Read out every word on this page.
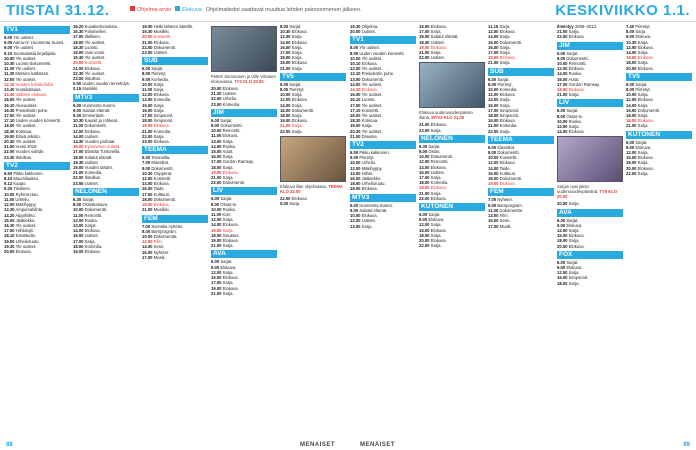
TIISTAI 31.12.	Ohjelma-arvio	Elokuva Ohjelmatiedot saattavat muuttua lehden painoonmenon jälkeen.	KESKIVIIKKO 1.1.
TV1
6.00 Yle uutiset.
6.05 Aamu-tv: Huomenta Suomi.
9.00 Yle uutiset.
9.10 Suomalaisia kirjailijoita.
10.00 Yle uutiset.
10.30 Luonto-dokumentti.
11.00 Yle uutiset.
11.30 Metsien kätkössä.
12.00 Yle uutiset.
12.10 Vuoden kohokohdat.
13.40 Vuosikatsaus.
14.40 Valitsen elokuva.
16.00 Yle uutiset.
16.10 Alueuutiset.
16.30 Presidentin puhe.
17.00 Yle uutiset.
17.10 Uuden vuoden konsertti.
18.00 Yle uutiset.
18.30 Kotimaa.
19.00 Elävä arkisto.
20.30 Yle uutiset.
21.00 Vuosi 2019.
22.00 Vuoden vaihde.
23.30 Ilotulitus.
TV2
6.50 Pikku kakkonen.
8.10 Muumilaakso.
9.12 Kaapo.
9.25 Tiitiäinen.
10.00 Ryhmä Hau.
11.00 Urheilu.
12.00 Mäkihyppy.
13.30 Ampumahiihto.
14.20 Alppihiihto.
15.00 Jääkiekko.
16.30 Yle uutiset.
17.00 Hiihtolajit.
18.10 Kisastudio.
19.00 Urheiluruutu.
19.30 Yle uutiset.
20.00 Elokuva.
16.20 Kuvakertomuksia.
16.30 Palomiehet.
17.00 Illallinen.
18.00 Yle uutiset.
18.30 Luonto.
19.00 Uusi vuosi.
19.30 Yle uutiset.
20.00 Konsertti.
21.00 Elokuva.
22.30 Yle uutiset.
23.00 Ilotulitus.
0.00 Uuden vuoden tervehdys.
0.15 Musiikki.
MTV3
6.00 Huomenta Suomi.
9.00 Salatut elämät.
9.30 Emmerdale.
10.30 Kauniit ja rohkeat.
11.00 Dokumentti.
12.00 Elokuva.
14.00 Uutiset.
14.30 Vuoden parhaat.
16.00 Kymmenen uutiset.
17.00 Elämää Tuntureilla.
18.00 Salatut elämät.
18.30 Uutiset.
19.00 Vuoden tähdet.
21.00 Komedia.
22.00 Ilotulitus.
23.55 Uutiset.
NELONEN
6.30 Sarjat.
8.00 Ostoskanava.
10.00 Dokumentti.
11.00 Remontti.
12.00 Ruoka.
13.00 Sarjat.
14.00 Elokuva.
16.00 Uutiset.
17.00 Sarja.
18.00 Komedia.
19.00 Elokuva.
19.00 Hetki lähteen äärellä.
19.30 Musiikki.
20.00 Konsertti.
21.00 Elokuva.
22.00 Dokumentti.
23.00 Uutiset.
SUB
6.00 Sarjat.
8.00 Piirretyt.
9.00 Komedia.
10.00 Sarja.
11.00 Sarja.
12.00 Elokuva.
14.00 Komedia.
15.00 Sarja.
16.00 Sarja.
17.00 Simpsonit.
18.00 Simpsonit.
19.00 Elokuva.
21.00 Komedia.
22.00 Sarja.
23.00 Elokuva.
TEEMA
6.00 Teemailta.
7.00 Klassikot.
9.00 Dokumentti.
10.30 Oopperat.
12.00 Konsertti.
14.00 Elokuva.
16.00 Taide.
17.00 Kulttuuri.
18.00 Dokumentti.
19.00 Elokuva.
21.00 Musiikki.
FEM
7.00 Svenska nyheter.
8.00 Barnprogram.
10.00 Dokumentär.
12.00 Film.
14.00 Serie.
16.00 Nyheter.
17.00 Musik.
Petteri Summanen ja Ville Virtanen elokuvassa. TV2 KLO 20.00
20.00 Elokuva.
21.30 Uutiset.
22.00 Urheilu.
23.00 Komedia.
JIM
6.00 Sarjat.
8.00 Dokumentti.
10.00 Remontti.
11.00 Elokuva.
13.00 Sarja.
14.00 Ruoka.
15.00 Autot.
16.00 Sarja.
17.00 Gordon Ramsay.
18.00 Sarja.
19.00 Elokuva.
21.00 Sarja.
22.00 Dokumentti.
LIV
6.00 Sarjat.
8.00 Ostos-tv.
10.00 Ruoka.
11.00 Koti.
12.00 Sarja.
14.00 Elokuva.
16.00 Sarja.
18.00 Sisustus.
19.00 Elokuva.
21.00 Sarja.
AVA
6.00 Sarjat.
9.00 Elokuva.
12.00 Sarja.
15.00 Elokuva.
17.00 Sarja.
19.00 Elokuva.
21.00 Sarja.
8.00 Sarjat.
10.30 Elokuva.
12.30 Sarja.
14.00 Elokuva.
16.00 Sarja.
17.00 Sarja.
18.00 Sarja.
19.00 Elokuva.
21.00 Sarja.
TV5
6.00 Sarjat.
8.00 Piirretyt.
10.00 Sarja.
12.00 Elokuva.
14.00 Sarja.
16.00 Dokumentti.
18.00 Sarja.
19.00 Elokuva.
21.00 Sarja.
22.00 Sarja.
Elokuva illan ohjelmassa. TEEMA KLO 22.00
22.00 Elokuva.
0.00 Sarja.
19.30 Ohjelma.
20.00 Uutiset.
TV1
8.00 Yle uutiset.
8.05 Uuden vuoden konsertti.
10.00 Yle uutiset.
10.10 Elokuva.
12.00 Yle uutiset.
12.10 Presidentin puhe.
13.00 Dokumentti.
14.00 Yle uutiset.
14.10 Elokuva.
16.00 Yle uutiset.
16.10 Luonto.
17.00 Yle uutiset.
17.10 Konsertti.
18.00 Yle uutiset.
18.30 Kotimaa.
19.00 Sarja.
20.30 Yle uutiset.
21.00 Draama.
TV2
6.50 Pikku kakkonen.
9.00 Piirretyt.
10.00 Urheilu.
12.00 Mäkihyppy.
14.00 Hiihto.
16.00 Jääkiekko.
18.00 Urheiluruutu.
19.00 Elokuva.
MTV3
6.00 Huomenta Suomi.
9.00 Salatut elämät.
10.00 Elokuva.
12.00 Uutiset.
13.00 Sarja.
15.00 Elokuva.
17.00 Sarja.
18.00 Salatut elämät.
18.30 Uutiset.
19.00 Elokuva.
21.00 Sarja.
22.00 Uutiset.
Elokuva uudenvuodenpäivän iltana. MTV3 KLO 21.00
21.00 Elokuva.
23.00 Sarja.
NELONEN
6.30 Sarjat.
8.00 Ostos.
10.00 Dokumentti.
12.00 Remontti.
14.00 Elokuva.
16.00 Uutiset.
17.00 Sarja.
18.00 Komedia.
19.00 Elokuva.
21.00 Sarja.
22.00 Elokuva.
KUTONEN
6.00 Sarjat.
9.00 Elokuva.
12.00 Sarja.
15.00 Elokuva.
18.00 Sarja.
20.00 Elokuva.
22.00 Sarja.
11.15 Sarja.
12.00 Elokuva.
14.00 Sarja.
15.00 Dokumentti.
16.00 Sarja.
17.00 Sarja.
19.00 Elokuva.
21.00 Sarja.
SUB
6.00 Sarjat.
8.00 Piirretyt.
10.00 Komedia.
12.00 Elokuva.
14.00 Sarja.
16.00 Sarja.
17.00 Simpsonit.
18.00 Simpsonit.
19.00 Elokuva.
21.00 Komedia.
22.00 Sarja.
TEEMA
6.00 Klassikot.
8.00 Dokumentti.
10.00 Konsertti.
12.00 Elokuva.
14.00 Taide.
16.00 Kulttuuri.
18.00 Dokumentti.
19.00 Elokuva.
FEM
7.00 Nyheter.
9.00 Barnprogram.
11.00 Dokumentär.
13.00 Film.
15.00 Serie.
17.00 Musik.
Ilmestyy 2006–2013.
21.00 Sarja.
22.00 Elokuva.
JIM
6.00 Sarjat.
8.00 Dokumentti.
10.00 Remontti.
12.00 Elokuva.
14.00 Ruoka.
16.00 Autot.
17.00 Gordon Ramsay.
19.00 Elokuva.
21.00 Sarja.
LIV
6.00 Sarjat.
8.00 Ostos-tv.
10.00 Ruoka.
12.00 Sarja.
14.00 Elokuva.
Sarjan uusi jakso uudenvuodenpäivänä. TV5 KLO 20.00
20.00 Sarja.
AVA
6.00 Sarjat.
9.00 Elokuva.
12.00 Sarja.
15.00 Elokuva.
18.00 Sarja.
20.00 Elokuva.
FOX
6.00 Sarjat.
9.00 Elokuva.
12.00 Sarja.
15.00 Simpsonit.
18.00 Sarja.
7.40 Piirretyt.
8.00 Sarja.
9.00 Elokuva.
10.30 Sarja.
12.00 Elokuva.
14.00 Sarja.
16.00 Elokuva.
18.00 Sarja.
20.00 Elokuva.
TV5
6.00 Sarjat.
8.00 Piirretyt.
10.00 Sarja.
12.00 Elokuva.
14.00 Sarja.
16.00 Dokumentti.
18.00 Sarja.
19.00 Elokuva.
21.00 Sarja.
KUTONEN
6.00 Sarjat.
9.00 Elokuva.
12.00 Sarja.
15.00 Elokuva.
18.00 Sarja.
20.00 Elokuva.
22.00 Sarja.
88	MENAISET	MENAISET	89
